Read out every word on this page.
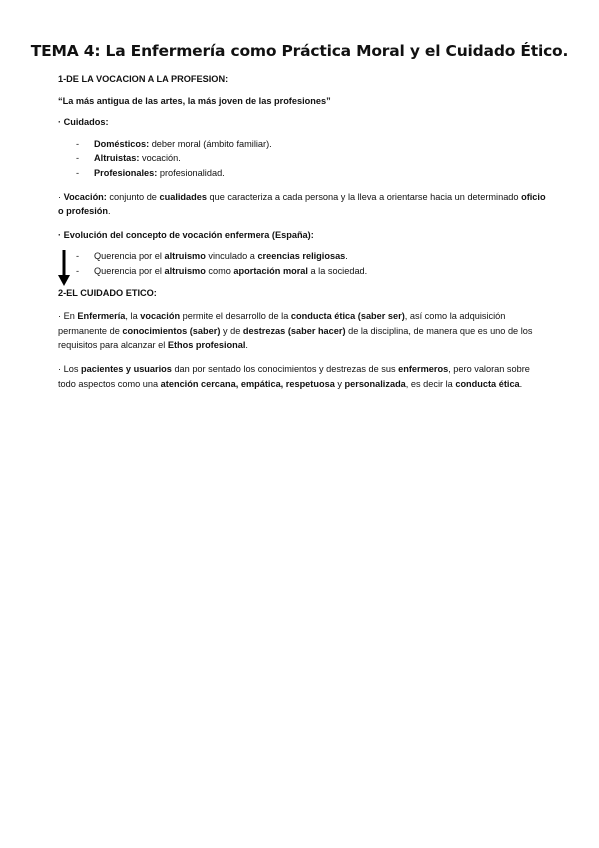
TEMA 4: La Enfermería como Práctica Moral y el Cuidado Ético.

1-DE LA VOCACION A LA PROFESION:

“La más antigua de las artes, la más joven de las profesiones”

· Cuidados:

- Domésticos: deber moral (ámbito familiar).
- Altruistas: vocación.
- Profesionales: profesionalidad.

· Vocación: conjunto de cualidades que caracteriza a cada persona y la lleva a orientarse hacia un determinado oficio o profesión.

· Evolución del concepto de vocación enfermera (España):

- Querencia por el altruismo vinculado a creencias religiosas.
- Querencia por el altruismo como aportación moral a la sociedad.

2-EL CUIDADO ETICO:

· En Enfermería, la vocación permite el desarrollo de la conducta ética (saber ser), así como la adquisición permanente de conocimientos (saber) y de destrezas (saber hacer) de la disciplina, de manera que es uno de los requisitos para alcanzar el Ethos profesional.

· Los pacientes y usuarios dan por sentado los conocimientos y destrezas de sus enfermeros, pero valoran sobre todo aspectos como una atención cercana, empática, respetuosa y personalizada, es decir la conducta ética.
